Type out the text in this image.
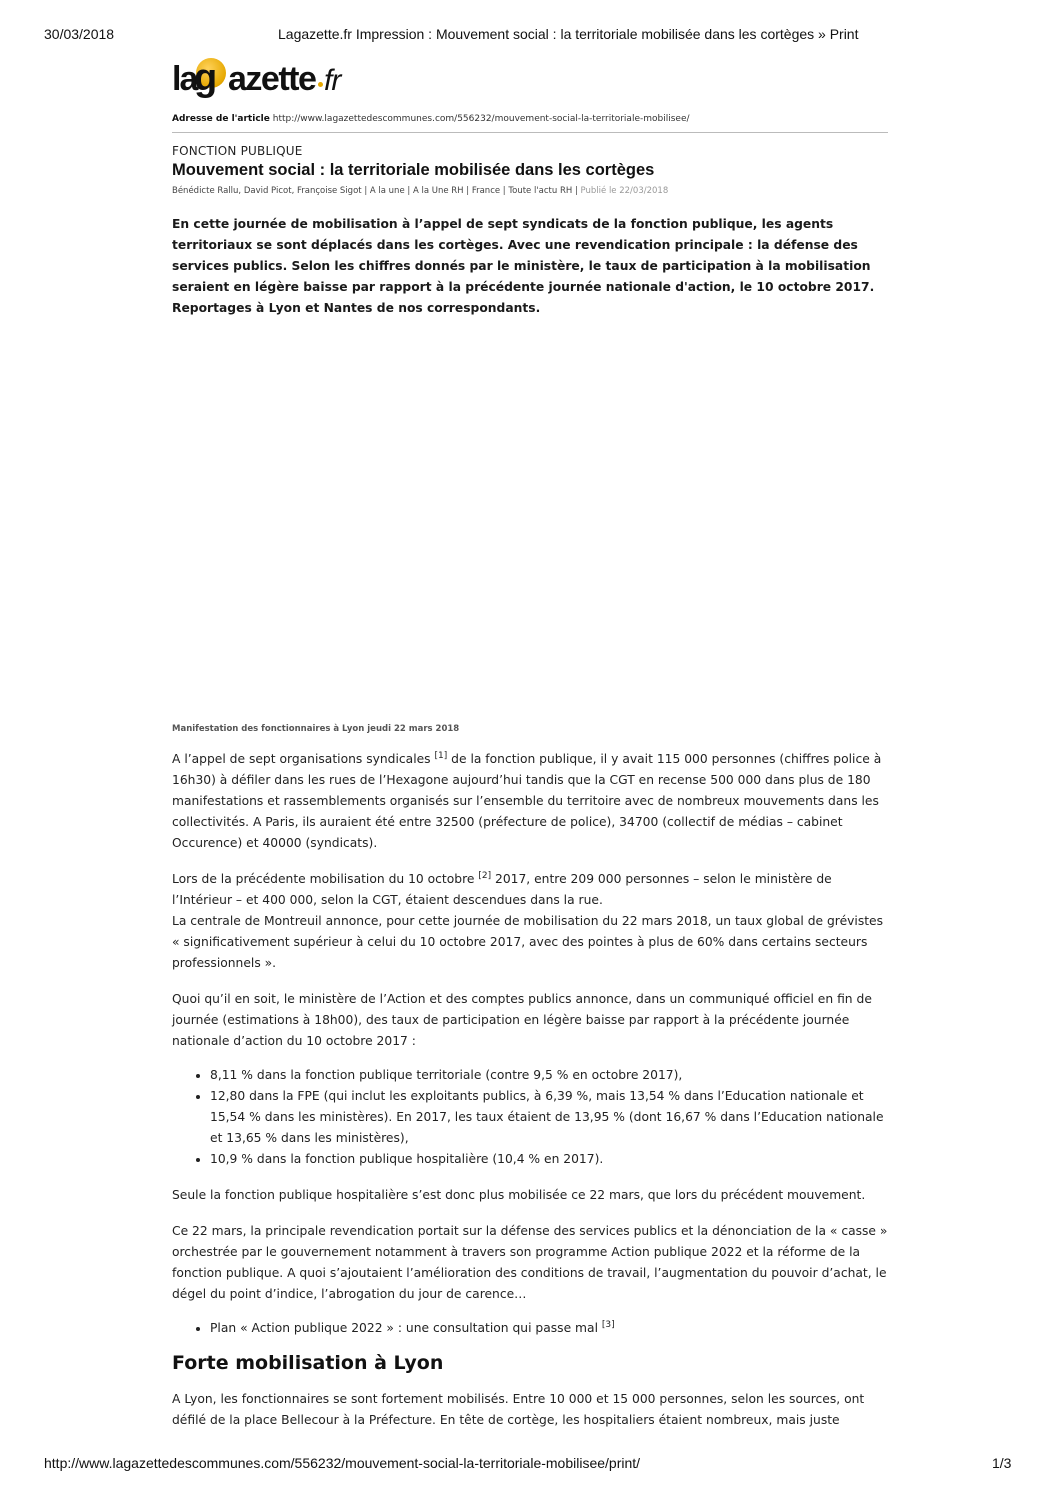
30/03/2018	Lagazette.fr Impression : Mouvement social : la territoriale mobilisée dans les cortèges » Print
la
g azette fr
Adresse de l'article http://www.lagazettedescommunes.com/556232/mouvement-social-la-territoriale-mobilisee/
FONCTION PUBLIQUE
Mouvement social : la territoriale mobilisée dans les cortèges
Bénédicte Rallu, David Picot, Françoise Sigot | A la une | A la Une RH | France | Toute l'actu RH | Publié le 22/03/2018
En cette journée de mobilisation à l’appel de sept syndicats de la fonction publique, les agents territoriaux se sont déplacés dans les cortèges. Avec une revendication principale : la défense des services publics. Selon les chiffres donnés par le ministère, le taux de participation à la mobilisation seraient en légère baisse par rapport à la précédente journée nationale d'action, le 10 octobre 2017. Reportages à Lyon et Nantes de nos correspondants.
Manifestation des fonctionnaires à Lyon jeudi 22 mars 2018

A l’appel de sept organisations syndicales [1] de la fonction publique, il y avait 115 000 personnes (chiffres police à 16h30) à défiler dans les rues de l’Hexagone aujourd’hui tandis que la CGT en recense 500 000 dans plus de 180 manifestations et rassemblements organisés sur l’ensemble du territoire avec de nombreux mouvements dans les collectivités. A Paris, ils auraient été entre 32500 (préfecture de police), 34700 (collectif de médias – cabinet Occurence) et 40000 (syndicats).

Lors de la précédente mobilisation du 10 octobre [2] 2017, entre 209 000 personnes – selon le ministère de l’Intérieur – et 400 000, selon la CGT, étaient descendues dans la rue.
La centrale de Montreuil annonce, pour cette journée de mobilisation du 22 mars 2018, un taux global de grévistes « significativement supérieur à celui du 10 octobre 2017, avec des pointes à plus de 60% dans certains secteurs professionnels ».

Quoi qu’il en soit, le ministère de l’Action et des comptes publics annonce, dans un communiqué officiel en fin de journée (estimations à 18h00), des taux de participation en légère baisse par rapport à la précédente journée nationale d’action du 10 octobre 2017 :

• 8,11 % dans la fonction publique territoriale (contre 9,5 % en octobre 2017),
• 12,80 dans la FPE (qui inclut les exploitants publics, à 6,39 %, mais 13,54 % dans l’Education nationale et 15,54 % dans les ministères). En 2017, les taux étaient de 13,95 % (dont 16,67 % dans l’Education nationale et 13,65 % dans les ministères),
• 10,9 % dans la fonction publique hospitalière (10,4 % en 2017).

Seule la fonction publique hospitalière s’est donc plus mobilisée ce 22 mars, que lors du précédent mouvement.

Ce 22 mars, la principale revendication portait sur la défense des services publics et la dénonciation de la « casse » orchestrée par le gouvernement notamment à travers son programme Action publique 2022 et la réforme de la fonction publique. A quoi s’ajoutaient l’amélioration des conditions de travail, l’augmentation du pouvoir d’achat, le dégel du point d’indice, l’abrogation du jour de carence…

• Plan « Action publique 2022 » : une consultation qui passe mal [3]
Forte mobilisation à Lyon

A Lyon, les fonctionnaires se sont fortement mobilisés. Entre 10 000 et 15 000 personnes, selon les sources, ont défilé de la place Bellecour à la Préfecture. En tête de cortège, les hospitaliers étaient nombreux, mais juste

http://www.lagazettedescommunes.com/556232/mouvement-social-la-territoriale-mobilisee/print/	1/3
